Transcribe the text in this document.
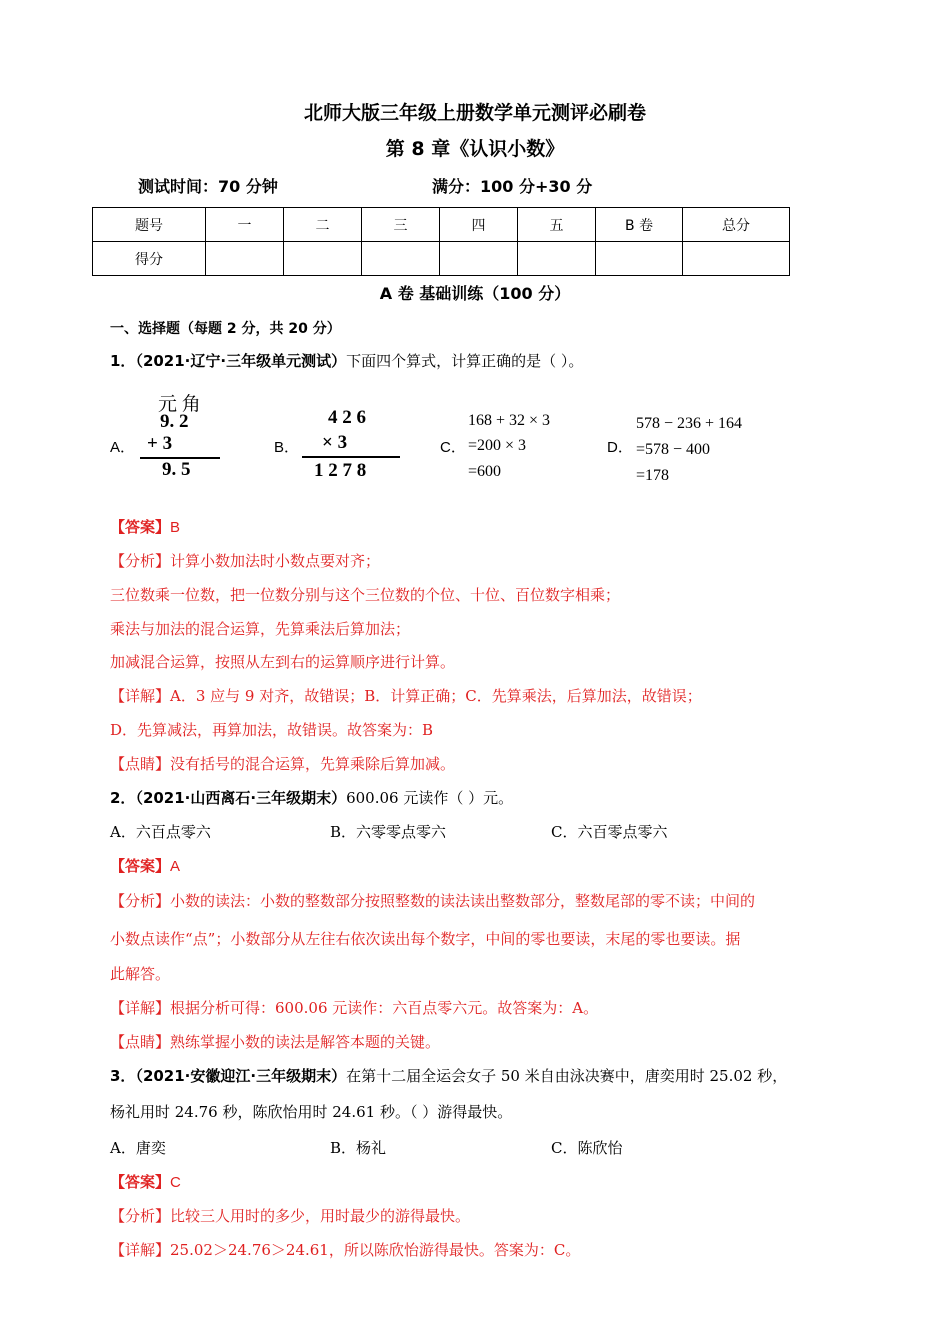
北师大版三年级上册数学单元测评必刷卷
第 8 章《认识小数》
测试时间：70 分钟	满分：100 分+30 分
题号	一	二	三	四	五	B 卷	总分
得分							
A 卷 基础训练（100 分）
一、选择题（每题 2 分，共 20 分）
1．（2021·辽宁·三年级单元测试）下面四个算式，计算正确的是（ ）。
A．
元 角
9. 2
+ 3
9. 5
B．
4 2 6
× 3
1 2 7 8
C．
168 + 32 × 3
=200 × 3
=600
D．
578 − 236 + 164
=578 − 400
=178
【答案】B
【分析】计算小数加法时小数点要对齐；
三位数乘一位数，把一位数分别与这个三位数的个位、十位、百位数字相乘；
乘法与加法的混合运算，先算乘法后算加法；
加减混合运算，按照从左到右的运算顺序进行计算。
【详解】A．3 应与 9 对齐，故错误；B．计算正确；C．先算乘法，后算加法，故错误；
D．先算减法，再算加法，故错误。故答案为：B
【点睛】没有括号的混合运算，先算乘除后算加减。
2．（2021·山西离石·三年级期末）600.06 元读作（ ）元。
A．六百点零六	B．六零零点零六	C．六百零点零六
【答案】A
【分析】小数的读法：小数的整数部分按照整数的读法读出整数部分，整数尾部的零不读；中间的
小数点读作“点”；小数部分从左往右依次读出每个数字，中间的零也要读，末尾的零也要读。据
此解答。
【详解】根据分析可得：600.06 元读作：六百点零六元。故答案为：A。
【点睛】熟练掌握小数的读法是解答本题的关键。
3．（2021·安徽迎江·三年级期末）在第十二届全运会女子 50 米自由泳决赛中，唐奕用时 25.02 秒，
杨礼用时 24.76 秒，陈欣怡用时 24.61 秒。（ ）游得最快。
A．唐奕	B．杨礼	C．陈欣怡
【答案】C
【分析】比较三人用时的多少，用时最少的游得最快。
【详解】25.02＞24.76＞24.61，所以陈欣怡游得最快。答案为：C。
